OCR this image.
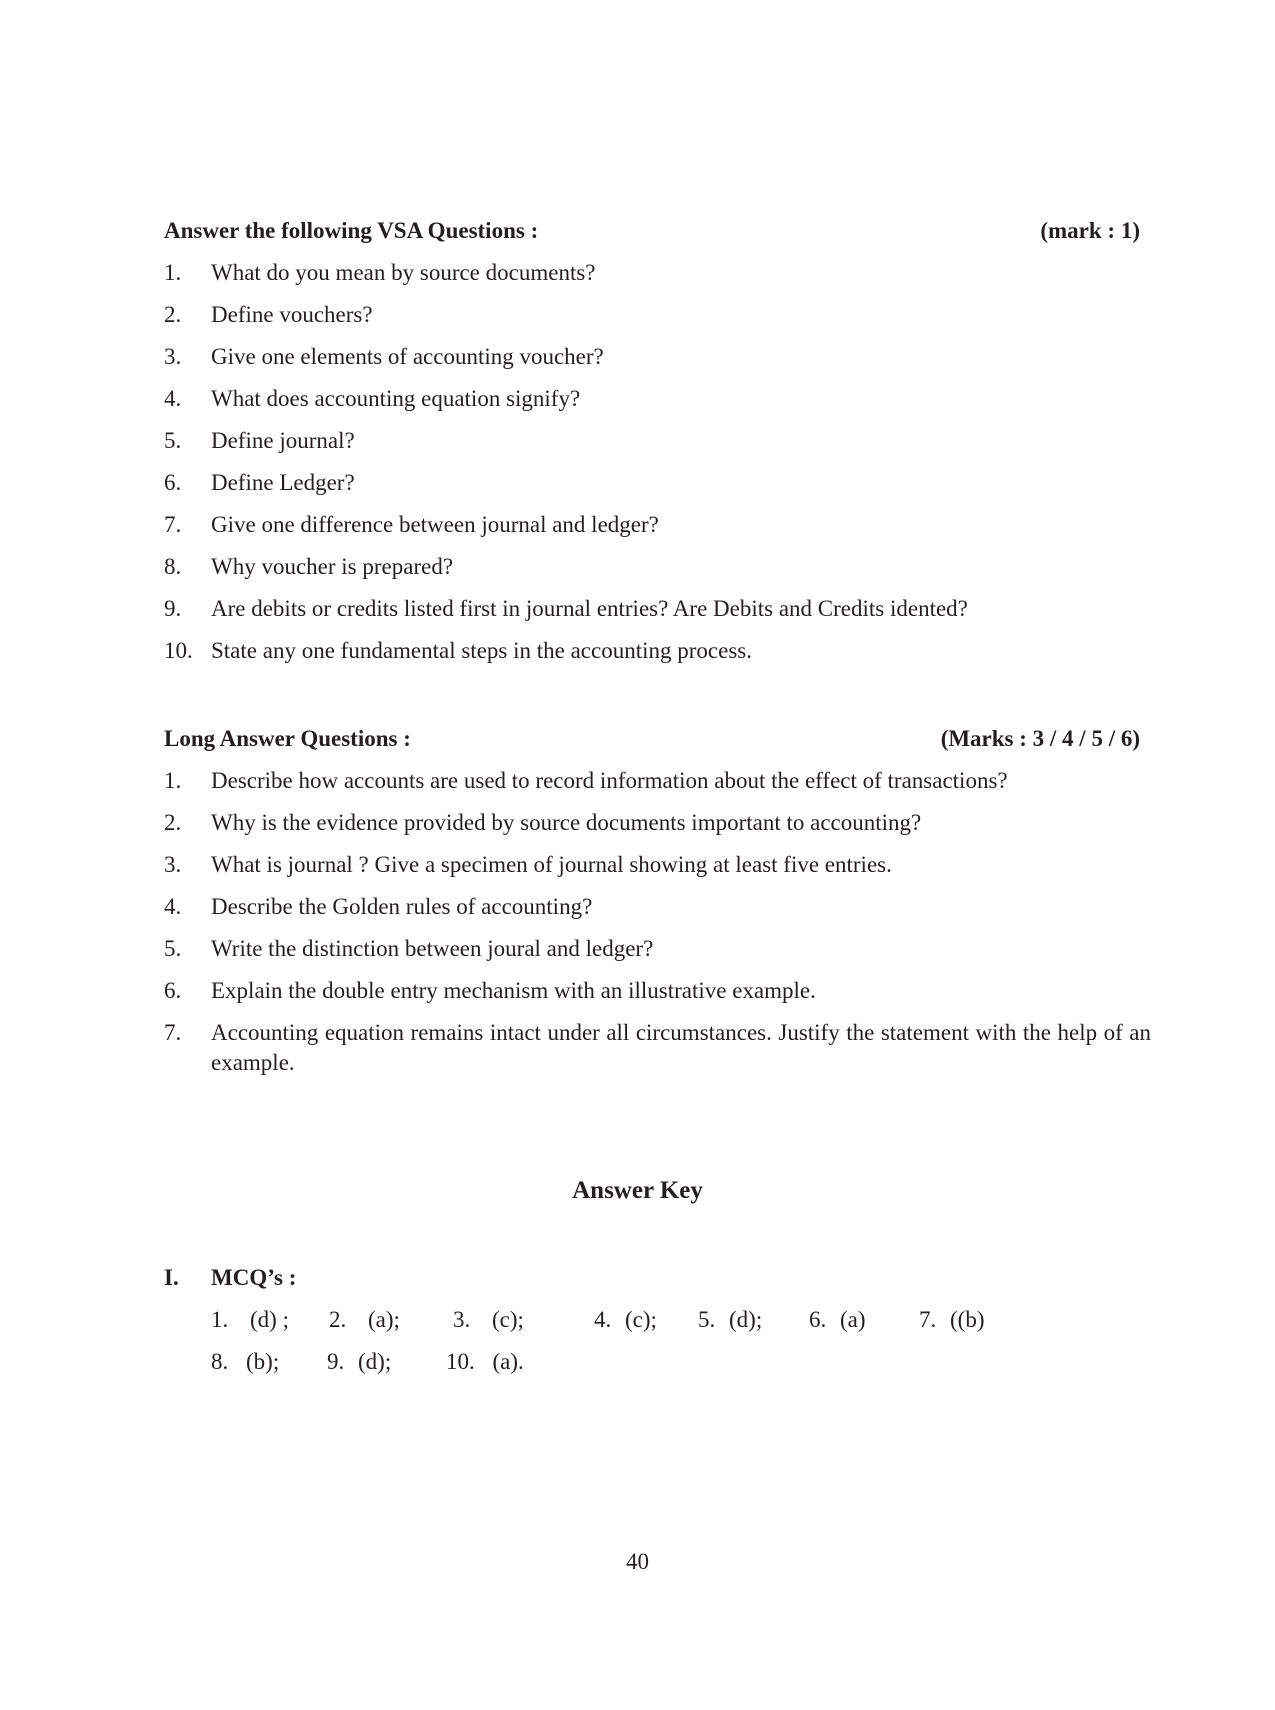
Answer the following VSA Questions :	(mark : 1)
1. What do you mean by source documents?
2. Define vouchers?
3. Give one elements of accounting voucher?
4. What does accounting equation signify?
5. Define journal?
6. Define Ledger?
7. Give one difference between journal and ledger?
8. Why voucher is prepared?
9. Are debits or credits listed first in journal entries? Are Debits and Credits idented?
10. State any one fundamental steps in the accounting process.
Long Answer Questions :	(Marks : 3 / 4 / 5 / 6)
1. Describe how accounts are used to record information about the effect of transactions?
2. Why is the evidence provided by source documents important to accounting?
3. What is journal ? Give a specimen of journal showing at least five entries.
4. Describe the Golden rules of accounting?
5. Write the distinction between joural and ledger?
6. Explain the double entry mechanism with an illustrative example.
7. Accounting equation remains intact under all circumstances. Justify the statement with the help of an example.
Answer Key
I. MCQ’s :
1. (d) ; 2. (a); 3. (c);	4. (c); 5. (d); 6. (a) 7. ((b)
8. (b); 9. (d); 10. (a).
40
